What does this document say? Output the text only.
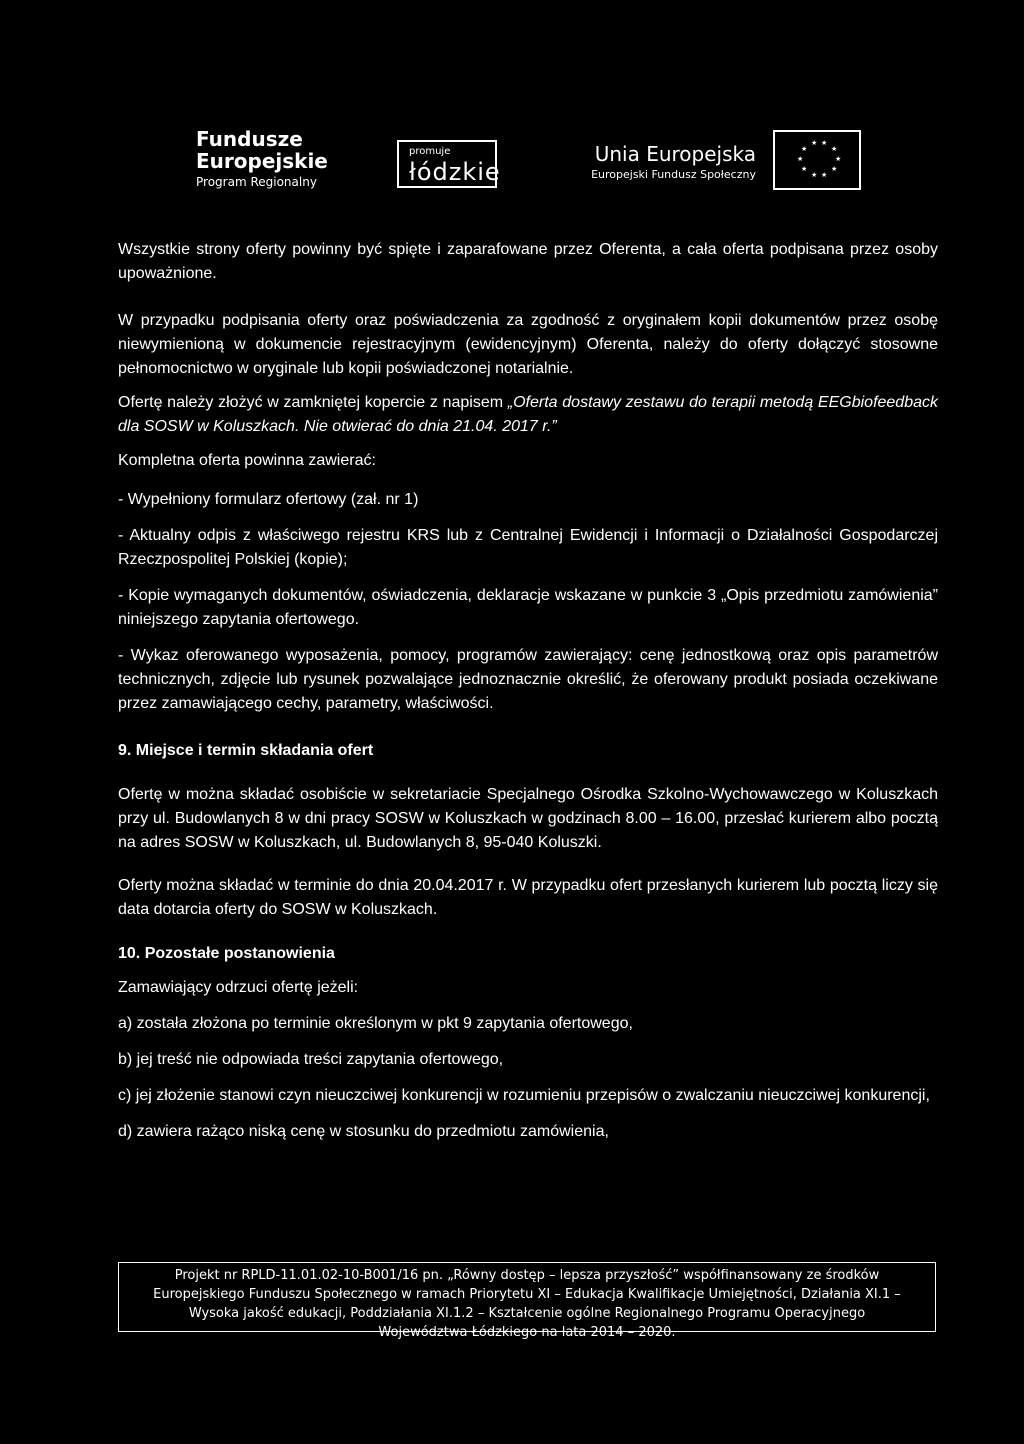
Fundusze
Europejskie
Program Regionalny
promuje
łódzkie
Unia Europejska
Europejski Fundusz Społeczny
★ ★
★	★
★	★
★	★
★ ★

Wszystkie strony oferty powinny być spięte i zaparafowane przez Oferenta, a cała oferta podpisana przez osoby upoważnione.

W przypadku podpisania oferty oraz poświadczenia za zgodność z oryginałem kopii dokumentów przez osobę niewymienioną w dokumencie rejestracyjnym (ewidencyjnym) Oferenta, należy do oferty dołączyć stosowne pełnomocnictwo w oryginale lub kopii poświadczonej notarialnie.

Ofertę należy złożyć w zamkniętej kopercie z napisem „Oferta dostawy zestawu do terapii metodą EEGbiofeedback dla SOSW w Koluszkach. Nie otwierać do dnia 21.04. 2017 r.”

Kompletna oferta powinna zawierać:

- Wypełniony formularz ofertowy (zał. nr 1)

- Aktualny odpis z właściwego rejestru KRS lub z Centralnej Ewidencji i Informacji o Działalności Gospodarczej Rzeczpospolitej Polskiej (kopie);

- Kopie wymaganych dokumentów, oświadczenia, deklaracje wskazane w punkcie 3 „Opis przedmiotu zamówienia” niniejszego zapytania ofertowego.

- Wykaz oferowanego wyposażenia, pomocy, programów zawierający: cenę jednostkową oraz opis parametrów technicznych, zdjęcie lub rysunek pozwalające jednoznacznie określić, że oferowany produkt posiada oczekiwane przez zamawiającego cechy, parametry, właściwości.

9. Miejsce i termin składania ofert

Ofertę w można składać osobiście w sekretariacie Specjalnego Ośrodka Szkolno-Wychowawczego w Koluszkach przy ul. Budowlanych 8 w dni pracy SOSW w Koluszkach w godzinach 8.00 – 16.00, przesłać kurierem albo pocztą na adres SOSW w Koluszkach, ul. Budowlanych 8, 95-040 Koluszki.

Oferty można składać w terminie do dnia 20.04.2017 r. W przypadku ofert przesłanych kurierem lub pocztą liczy się data dotarcia oferty do SOSW w Koluszkach.

10. Pozostałe postanowienia

Zamawiający odrzuci ofertę jeżeli:

a) została złożona po terminie określonym w pkt 9 zapytania ofertowego,

b) jej treść nie odpowiada treści zapytania ofertowego,

c) jej złożenie stanowi czyn nieuczciwej konkurencji w rozumieniu przepisów o zwalczaniu nieuczciwej konkurencji,

d) zawiera rażąco niską cenę w stosunku do przedmiotu zamówienia,

Projekt nr RPLD-11.01.02-10-B001/16 pn. „Równy dostęp – lepsza przyszłość” współfinansowany ze środków
Europejskiego Funduszu Społecznego w ramach Priorytetu XI – Edukacja Kwalifikacje Umiejętności, Działania XI.1 –
Wysoka jakość edukacji, Poddziałania XI.1.2 – Kształcenie ogólne Regionalnego Programu Operacyjnego
Województwa Łódzkiego na lata 2014 – 2020.
